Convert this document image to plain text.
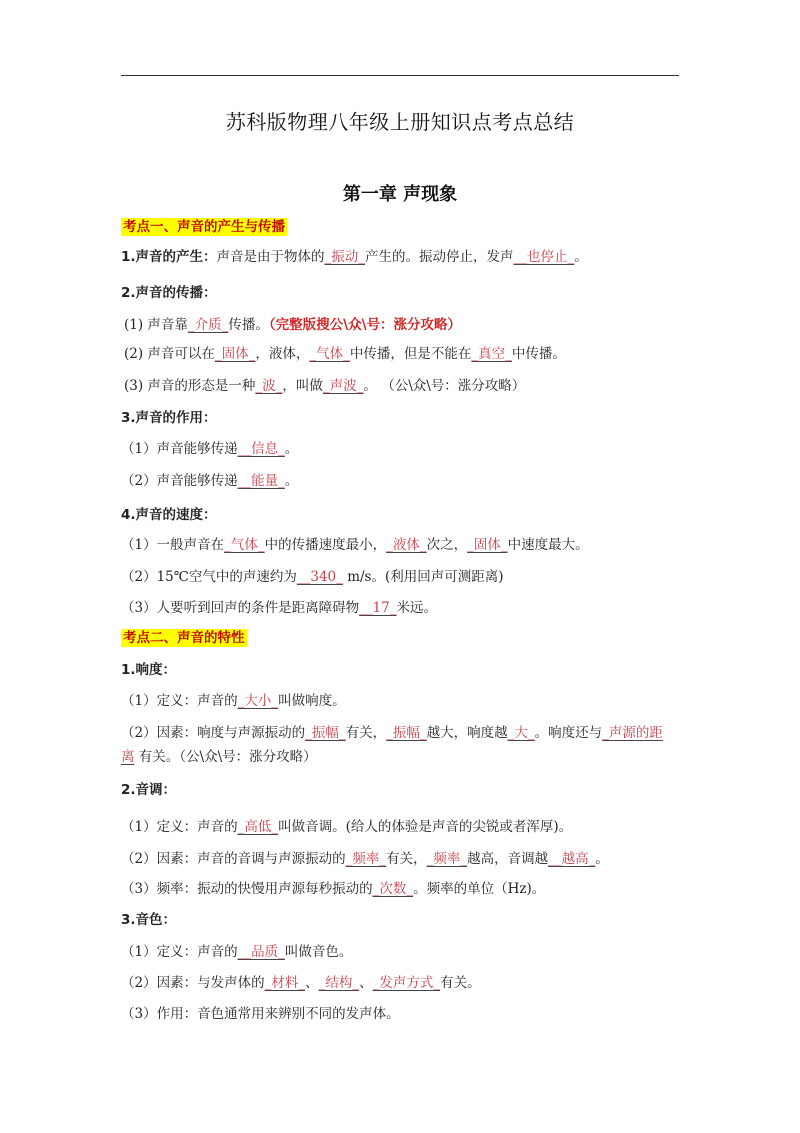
苏科版物理八年级上册知识点考点总结
第一章 声现象
考点一、声音的产生与传播
1.声音的产生：声音是由于物体的_振动_产生的。振动停止，发声__也停止_。
2.声音的传播：
(1) 声音靠_介质_传播。（完整版搜公\众\号：涨分攻略）
(2) 声音可以在_固体_，液体，_气体_中传播，但是不能在_真空_中传播。
(3) 声音的形态是一种_波_，叫做_声波_。 （公\众\号：涨分攻略）
3.声音的作用：
（1）声音能够传递__信息_。
（2）声音能够传递__能量_。
4.声音的速度：
（1）一般声音在_气体_中的传播速度最小，_液体_次之，_固体_中速度最大。
（2）15℃空气中的声速约为__340_ m/s。(利用回声可测距离)
（3）人要听到回声的条件是距离障碍物__17_米远。
考点二、声音的特性
1.响度：
（1）定义：声音的_大小_叫做响度。
（2）因素：响度与声源振动的_振幅_有关，_振幅_越大，响度越_大_。响度还与_声源的距
离 有关。（公\众\号：涨分攻略）
2.音调：
（1）定义：声音的_高低_叫做音调。(给人的体验是声音的尖锐或者浑厚)。
（2）因素：声音的音调与声源振动的_频率_有关，_频率_越高，音调越__越高_。
（3）频率：振动的快慢用声源每秒振动的_次数_。频率的单位（Hz)。
3.音色：
（1）定义：声音的__品质_叫做音色。
（2）因素：与发声体的_材料_、_结构_、_发声方式_有关。
（3）作用：音色通常用来辨别不同的发声体。
